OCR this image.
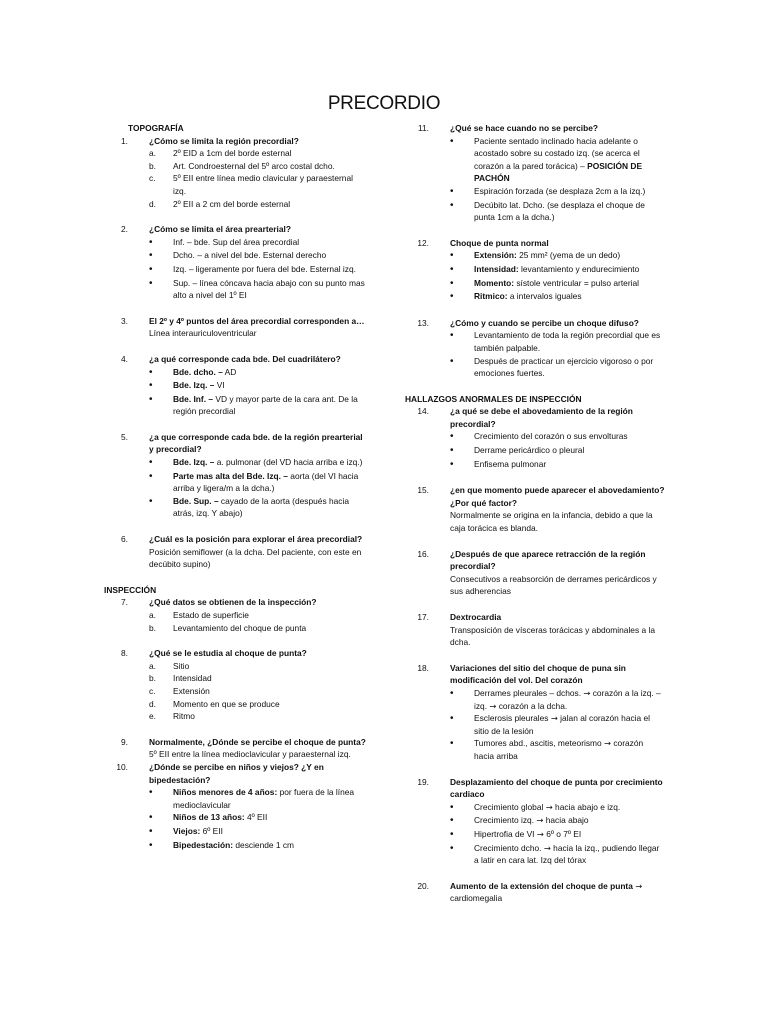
PRECORDIO
TOPOGRAFÍA
1.	¿Cómo se limita la región precordial?
a.	2º EID a 1cm del borde esternal
b.	Art. Condroesternal del 5º arco costal dcho.
c.	5º EII entre línea medio clavicular y paraesternal izq.
d.	2º EII a 2 cm del borde esternal
2.	¿Cómo se limita el área prearterial?
•
Inf. – bde. Sup del área precordial
•
Dcho. – a nivel del bde. Esternal derecho
•
Izq. – ligeramente por fuera del bde. Esternal izq.
•
Sup. – línea cóncava hacia abajo con su punto mas alto a nivel del 1º EI
3.	El 2º y 4º puntos del área precordial corresponden a…
Línea interauriculoventricular
4.	¿a qué corresponde cada bde. Del cuadrilátero?
•
Bde. dcho. – AD
•
Bde. Izq. – VI
•
Bde. Inf. – VD y mayor parte de la cara ant. De la región precordial
5.	¿a que corresponde cada bde. de la región prearterial y precordial?
•
Bde. Izq. – a. pulmonar (del VD hacia arriba e izq.)
•
Parte mas alta del Bde. Izq. – aorta (del VI hacia arriba y ligera/m a la dcha.)
•
Bde. Sup. – cayado de la aorta (después hacia atrás, izq. Y abajo)
6.	¿Cuál es la posición para explorar el área precordial?
Posición semiflower (a la dcha. Del paciente, con este en decúbito supino)
INSPECCIÓN
7.	¿Qué datos se obtienen de la inspección?
a.	Estado de superficie
b.	Levantamiento del choque de punta
8.	¿Qué se le estudia al choque de punta?
a.	Sitio
b.	Intensidad
c.	Extensión
d.	Momento en que se produce
e.	Ritmo
9.	Normalmente, ¿Dónde se percibe el choque de punta?
5º EII entre la línea medioclavicular y paraesternal izq.
10.	¿Dónde se percibe en niños y viejos? ¿Y en bipedestación?
•
Niños menores de 4 años: por fuera de la línea medioclavicular
•
Niños de 13 años: 4º EII
•
Viejos: 6º EII
•
Bipedestación: desciende 1 cm
11.	¿Qué se hace cuando no se percibe?
•
Paciente sentado inclinado hacia adelante o acostado sobre su costado izq. (se acerca el corazón a la pared torácica) – POSICIÓN DE PACHÓN
•
Espiración forzada (se desplaza 2cm a la izq.)
•
Decúbito lat. Dcho. (se desplaza el choque de punta 1cm a la dcha.)
12.	Choque de punta normal
•
Extensión: 25 mm² (yema de un dedo)
•
Intensidad: levantamiento y endurecimiento
•
Momento: sístole ventricular = pulso arterial
•
Ritmico: a intervalos iguales
13.	¿Cómo y cuando se percibe un choque difuso?
•
Levantamiento de toda la región precordial que es también palpable.
•
Después de practicar un ejercicio vigoroso o por emociones fuertes.
HALLAZGOS ANORMALES DE INSPECCIÓN
14.	¿a qué se debe el abovedamiento de la región precordial?
•
Crecimiento del corazón o sus envolturas
•
Derrame pericárdico o pleural
•
Enfisema pulmonar
15.	¿en que momento puede aparecer el abovedamiento? ¿Por qué factor?
Normalmente se origina en la infancia, debido a que la caja torácica es blanda.
16.	¿Después de que aparece retracción de la región precordial?
Consecutivos a reabsorción de derrames pericárdicos y sus adherencias
17.	Dextrocardia
Transposición de vísceras torácicas y abdominales a la dcha.
18.	Variaciones del sitio del choque de puna sin modificación del vol. Del corazón
•
Derrames pleurales – dchos. → corazón a la izq. – izq. → corazón a la dcha.
•
Esclerosis pleurales → jalan al corazón hacia el sitio de la lesión
•
Tumores abd., ascitis, meteorismo → corazón hacia arriba
19.	Desplazamiento del choque de punta por crecimiento cardiaco
•
Crecimiento global → hacia abajo e izq.
•
Crecimiento izq. → hacia abajo
•
Hipertrofia de VI → 6º o 7º EI
•
Crecimiento dcho. → hacia la izq., pudiendo llegar a latir en cara lat. Izq del tórax
20.	Aumento de la extensión del choque de punta →
cardiomegalia
